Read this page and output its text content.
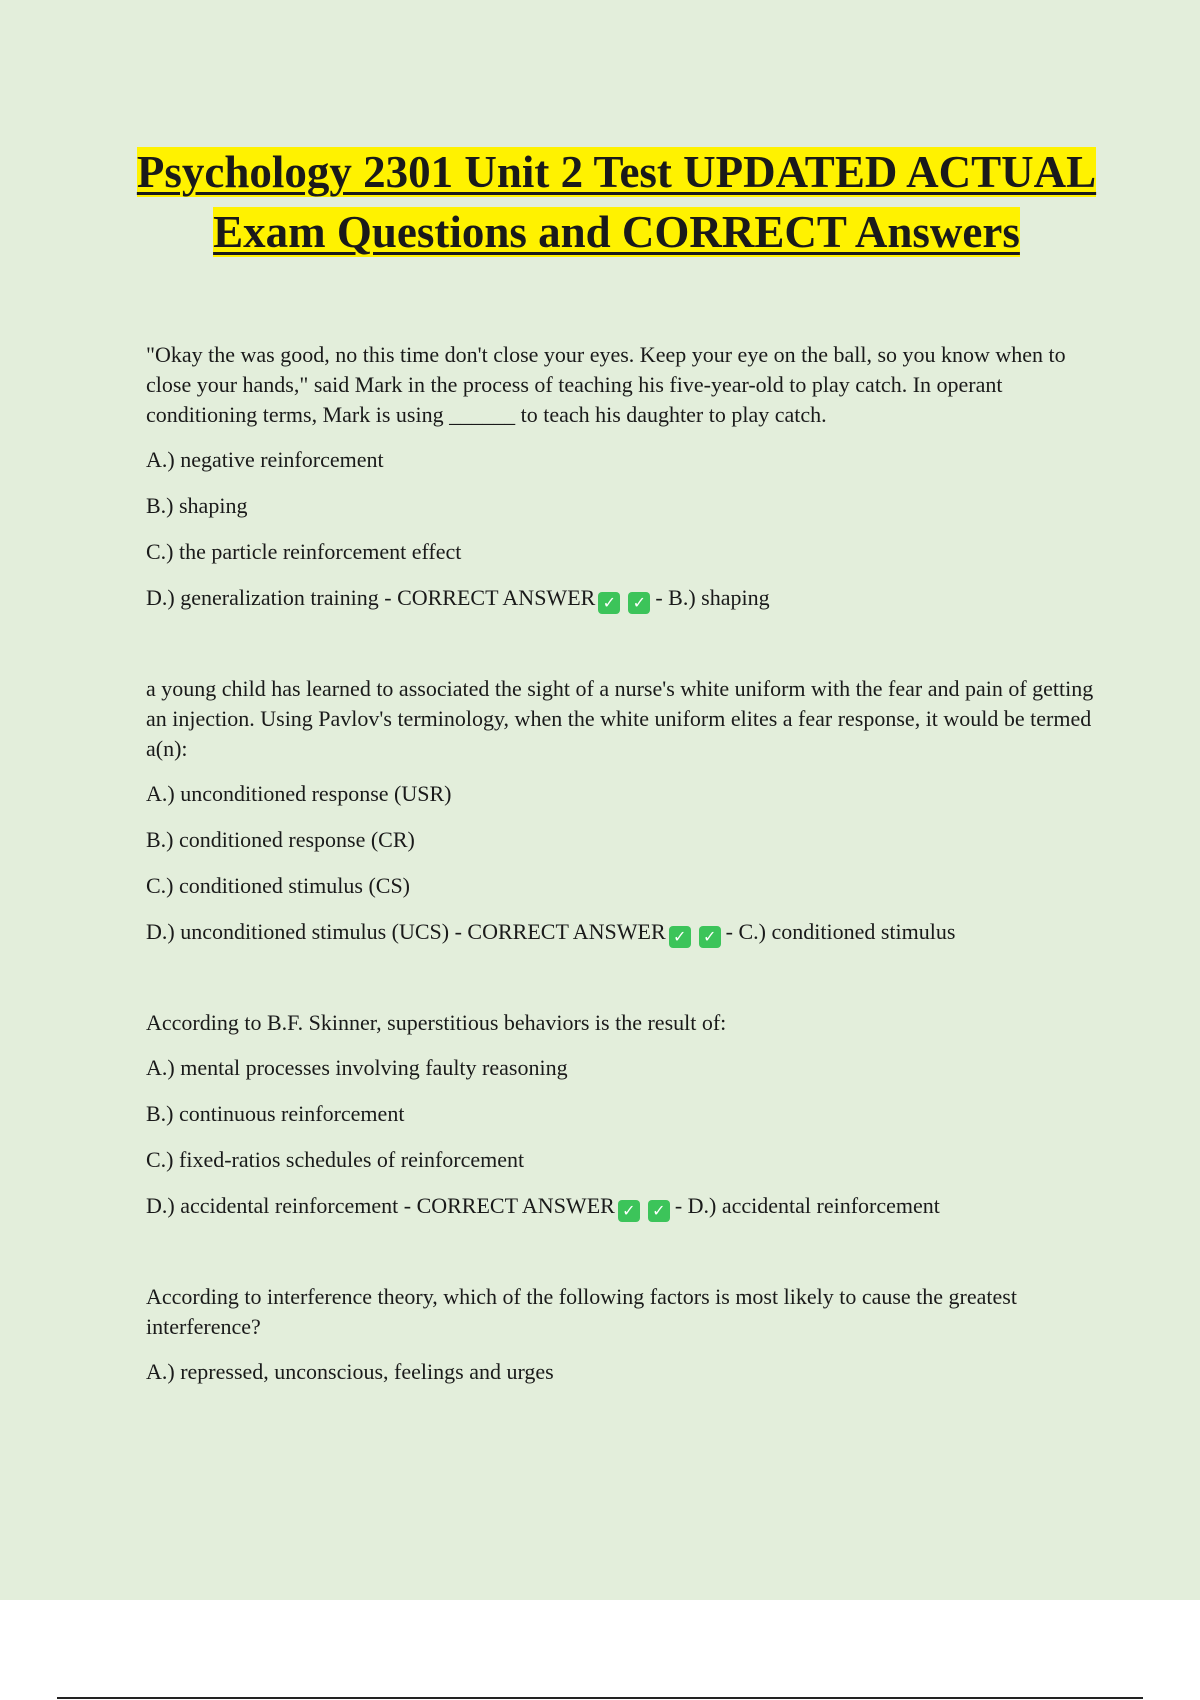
Psychology 2301 Unit 2 Test UPDATED ACTUAL Exam Questions and CORRECT Answers

"Okay the was good, no this time don't close your eyes. Keep your eye on the ball, so you know when to close your hands," said Mark in the process of teaching his five-year-old to play catch. In operant conditioning terms, Mark is using ______ to teach his daughter to play catch.

A.) negative reinforcement

B.) shaping

C.) the particle reinforcement effect

D.) generalization training - CORRECT ANSWER ✓ ✓ - B.) shaping

a young child has learned to associated the sight of a nurse's white uniform with the fear and pain of getting an injection. Using Pavlov's terminology, when the white uniform elites a fear response, it would be termed a(n):

A.) unconditioned response (USR)

B.) conditioned response (CR)

C.) conditioned stimulus (CS)

D.) unconditioned stimulus (UCS) - CORRECT ANSWER ✓ ✓ - C.) conditioned stimulus

According to B.F. Skinner, superstitious behaviors is the result of:

A.) mental processes involving faulty reasoning

B.) continuous reinforcement

C.) fixed-ratios schedules of reinforcement

D.) accidental reinforcement - CORRECT ANSWER ✓ ✓ - D.) accidental reinforcement

According to interference theory, which of the following factors is most likely to cause the greatest interference?

A.) repressed, unconscious, feelings and urges
